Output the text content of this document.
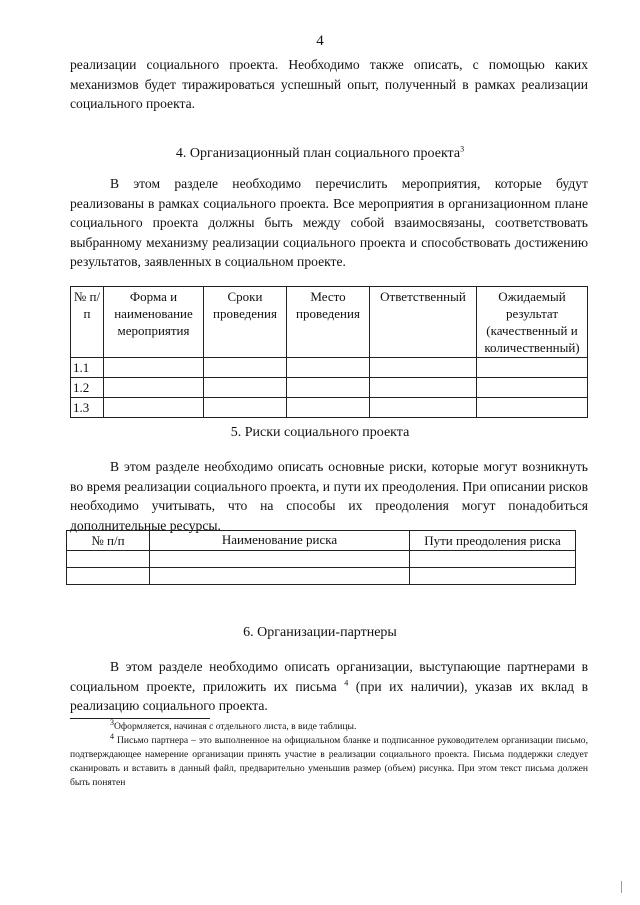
4

реализации социального проекта. Необходимо также описать, с помощью каких механизмов будет тиражироваться успешный опыт, полученный в рамках реализации социального проекта.

4. Организационный план социального проекта$^3$

В этом разделе необходимо перечислить мероприятия, которые будут реализованы в рамках социального проекта. Все мероприятия в организационном плане социального проекта должны быть между собой взаимосвязаны, соответствовать выбранному механизму реализации социального проекта и способствовать достижению результатов, заявленных в социальном проекте.

№ п/п	Форма и наименование мероприятия	Сроки проведения	Место проведения	Ответственный	Ожидаемый результат (качественный и количественный)
1.1					
1.2					
1.3					
5. Риски социального проекта

В этом разделе необходимо описать основные риски, которые могут возникнуть во время реализации социального проекта, и пути их преодоления. При описании рисков необходимо учитывать, что на способы их преодоления могут понадобиться дополнительные ресурсы.

№ п/п	Наименование риска	Пути преодоления риска

6. Организации-партнеры

В этом разделе необходимо описать организации, выступающие партнерами в социальном проекте, приложить их письма $^4$ (при их наличии), указав их вклад в реализацию социального проекта.

$^3$Оформляется, начиная с отдельного листа, в виде таблицы.

$^4$ Письмо партнера – это выполненное на официальном бланке и подписанное руководителем организации письмо, подтверждающее намерение организации принять участие в реализации социального проекта. Письма поддержки следует сканировать и вставить в данный файл, предварительно уменьшив размер (объем) рисунка. При этом текст письма должен быть понятен
